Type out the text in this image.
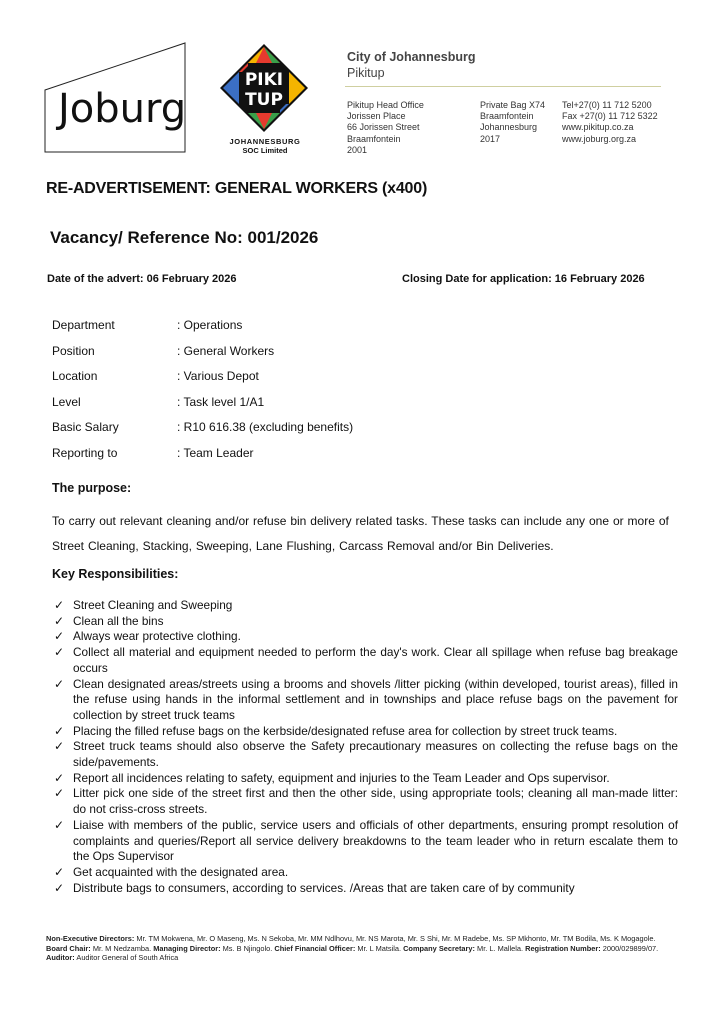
Joburg
PIKI
TUP
JOHANNESBURG
SOC Limited
City of Johannesburg
Pikitup
Pikitup Head Office
Jorissen Place
66 Jorissen Street
Braamfontein
2001
Private Bag X74
Braamfontein
Johannesburg
2017
Tel+27(0) 11 712 5200
Fax +27(0) 11 712 5322
www.pikitup.co.za
www.joburg.org.za
RE-ADVERTISEMENT: GENERAL WORKERS (x400)
Vacancy/ Reference No: 001/2026
Date of the advert: 06 February 2026	Closing Date for application: 16 February 2026
Department	: Operations
Position	: General Workers
Location	: Various Depot
Level	: Task level 1/A1
Basic Salary	: R10 616.38 (excluding benefits)
Reporting to	: Team Leader
The purpose:
To carry out relevant cleaning and/or refuse bin delivery related tasks. These tasks can include any one or more of Street Cleaning, Stacking, Sweeping, Lane Flushing, Carcass Removal and/or Bin Deliveries.
Key Responsibilities:
✓ Street Cleaning and Sweeping
✓ Clean all the bins
✓ Always wear protective clothing.
✓ Collect all material and equipment needed to perform the day's work. Clear all spillage when refuse bag breakage occurs
✓ Clean designated areas/streets using a brooms and shovels /litter picking (within developed, tourist areas), filled in the refuse using hands in the informal settlement and in townships and place refuse bags on the pavement for collection by street truck teams
✓ Placing the filled refuse bags on the kerbside/designated refuse area for collection by street truck teams.
✓ Street truck teams should also observe the Safety precautionary measures on collecting the refuse bags on the side/pavements.
✓ Report all incidences relating to safety, equipment and injuries to the Team Leader and Ops supervisor.
✓ Litter pick one side of the street first and then the other side, using appropriate tools; cleaning all man-made litter: do not criss-cross streets.
✓ Liaise with members of the public, service users and officials of other departments, ensuring prompt resolution of complaints and queries/Report all service delivery breakdowns to the team leader who in return escalate them to the Ops Supervisor
✓ Get acquainted with the designated area.
✓ Distribute bags to consumers, according to services. /Areas that are taken care of by community
Non-Executive Directors: Mr. TM Mokwena, Mr. O Maseng, Ms. N Sekoba, Mr. MM Ndlhovu, Mr. NS Marota, Mr. S Shi, Mr. M Radebe, Ms. SP Mkhonto, Mr. TM Bodila, Ms. K Mogagole. Board Chair: Mr. M Nedzamba. Managing Director: Ms. B Njingolo. Chief Financial Officer: Mr. L Matsila. Company Secretary: Mr. L. Mallela. Registration Number: 2000/029899/07. Auditor: Auditor General of South Africa
